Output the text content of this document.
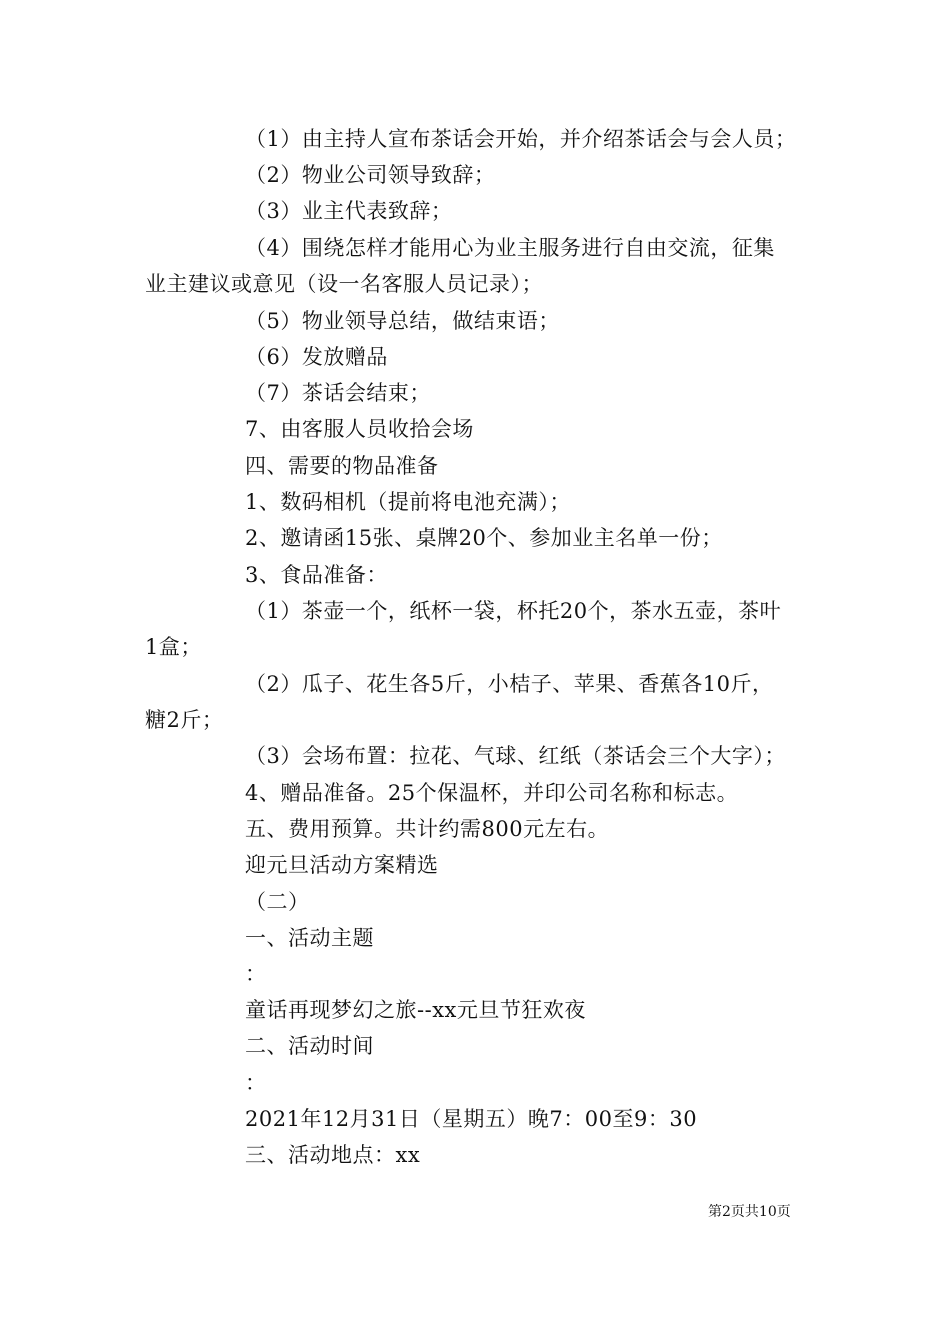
（1）由主持人宣布茶话会开始，并介绍茶话会与会人员；
（2）物业公司领导致辞；
（3）业主代表致辞；
（4）围绕怎样才能用心为业主服务进行自由交流，征集
业主建议或意见（设一名客服人员记录）；
（5）物业领导总结，做结束语；
（6）发放赠品
（7）茶话会结束；
7、由客服人员收拾会场
四、需要的物品准备
1、数码相机（提前将电池充满）；
2、邀请函15张、桌牌20个、参加业主名单一份；
3、食品准备：
（1）茶壶一个，纸杯一袋，杯托20个，茶水五壶，茶叶
1盒；
（2）瓜子、花生各5斤，小桔子、苹果、香蕉各10斤，
糖2斤；
（3）会场布置：拉花、气球、红纸（茶话会三个大字）；
4、赠品准备。25个保温杯，并印公司名称和标志。
五、费用预算。共计约需800元左右。
迎元旦活动方案精选
（二）
一、活动主题
：
童话再现梦幻之旅--xx元旦节狂欢夜
二、活动时间
：
2021年12月31日（星期五）晚7：00至9：30
三、活动地点：xx
第2页共10页
